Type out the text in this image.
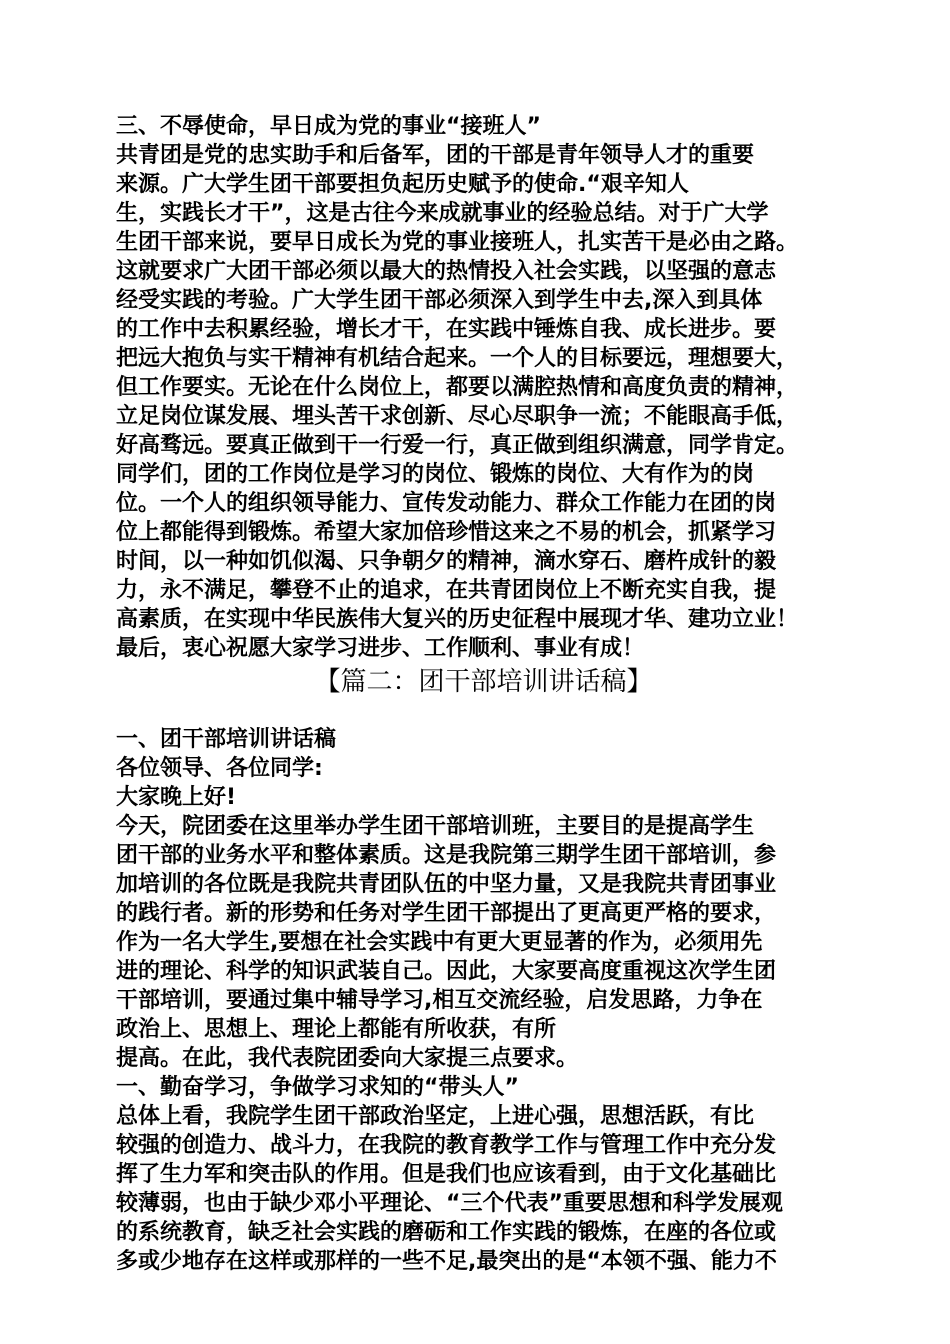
三、不辱使命，早日成为党的事业“接班人”
共青团是党的忠实助手和后备军，团的干部是青年领导人才的重要
来源。广大学生团干部要担负起历史赋予的使命.“艰辛知人
生，实践长才干”，这是古往今来成就事业的经验总结。对于广大学
生团干部来说，要早日成长为党的事业接班人，扎实苦干是必由之路。
这就要求广大团干部必须以最大的热情投入社会实践，以坚强的意志
经受实践的考验。广大学生团干部必须深入到学生中去,深入到具体
的工作中去积累经验，增长才干，在实践中锤炼自我、成长进步。要
把远大抱负与实干精神有机结合起来。一个人的目标要远，理想要大，
但工作要实。无论在什么岗位上，都要以满腔热情和高度负责的精神，
立足岗位谋发展、埋头苦干求创新、尽心尽职争一流；不能眼高手低，
好高骛远。要真正做到干一行爱一行，真正做到组织满意，同学肯定。
同学们，团的工作岗位是学习的岗位、锻炼的岗位、大有作为的岗
位。一个人的组织领导能力、宣传发动能力、群众工作能力在团的岗
位上都能得到锻炼。希望大家加倍珍惜这来之不易的机会，抓紧学习
时间，以一种如饥似渴、只争朝夕的精神，滴水穿石、磨杵成针的毅
力，永不满足，攀登不止的追求，在共青团岗位上不断充实自我，提
高素质，在实现中华民族伟大复兴的历史征程中展现才华、建功立业！
最后，衷心祝愿大家学习进步、工作顺利、事业有成！
【篇二：团干部培训讲话稿】
一、团干部培训讲话稿
各位领导、各位同学:
大家晚上好!
今天，院团委在这里举办学生团干部培训班，主要目的是提高学生
团干部的业务水平和整体素质。这是我院第三期学生团干部培训，参
加培训的各位既是我院共青团队伍的中坚力量，又是我院共青团事业
的践行者。新的形势和任务对学生团干部提出了更高更严格的要求，
作为一名大学生,要想在社会实践中有更大更显著的作为，必须用先
进的理论、科学的知识武装自己。因此，大家要高度重视这次学生团
干部培训，要通过集中辅导学习,相互交流经验，启发思路，力争在
政治上、思想上、理论上都能有所收获，有所
提高。在此，我代表院团委向大家提三点要求。
一、勤奋学习，争做学习求知的“带头人”
总体上看，我院学生团干部政治坚定，上进心强，思想活跃，有比
较强的创造力、战斗力，在我院的教育教学工作与管理工作中充分发
挥了生力军和突击队的作用。但是我们也应该看到，由于文化基础比
较薄弱，也由于缺少邓小平理论、“三个代表”重要思想和科学发展观
的系统教育，缺乏社会实践的磨砺和工作实践的锻炼，在座的各位或
多或少地存在这样或那样的一些不足,最突出的是“本领不强、能力不
